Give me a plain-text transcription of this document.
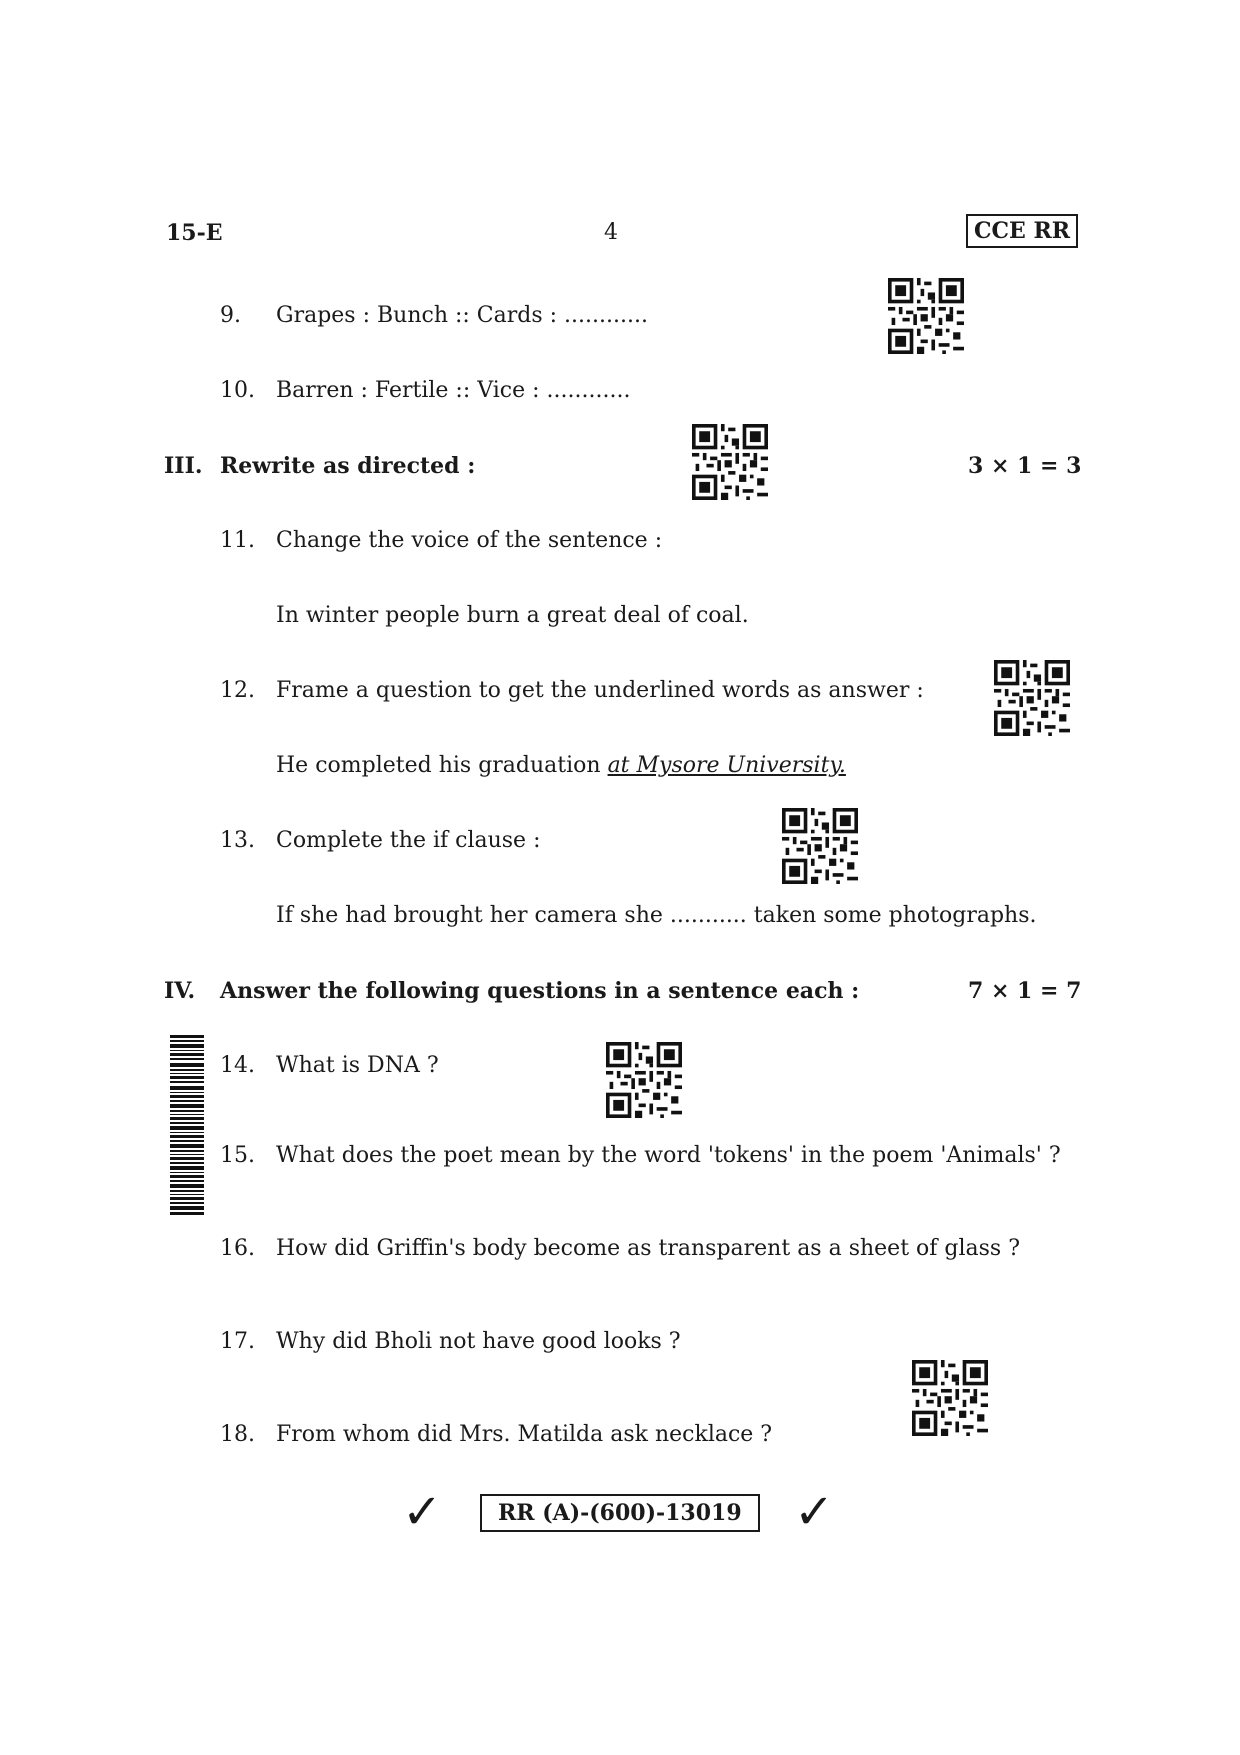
15-E	4	CCE RR
9. Grapes : Bunch :: Cards : ............
10. Barren : Fertile :: Vice : ............
III. Rewrite as directed :	3 × 1 = 3
11. Change the voice of the sentence :
In winter people burn a great deal of coal.
12. Frame a question to get the underlined words as answer :
He completed his graduation at Mysore University.
13. Complete the if clause :
If she had brought her camera she ........... taken some photographs.
IV. Answer the following questions in a sentence each :	7 × 1 = 7
14. What is DNA ?
15. What does the poet mean by the word 'tokens' in the poem 'Animals' ?
16. How did Griffin's body become as transparent as a sheet of glass ?
17. Why did Bholi not have good looks ?
18. From whom did Mrs. Matilda ask necklace ?
✓	RR (A)-(600)-13019	✓
